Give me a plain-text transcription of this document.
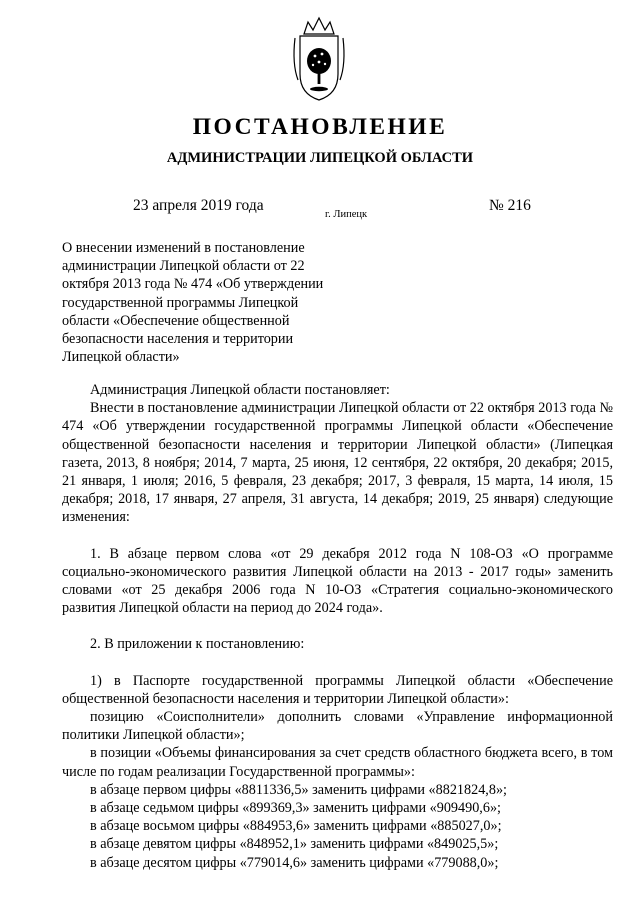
ПОСТАНОВЛЕНИЕ
АДМИНИСТРАЦИИ ЛИПЕЦКОЙ ОБЛАСТИ
23 апреля 2019 года
г. Липецк
№ 216
О внесении изменений в постановление
администрации Липецкой области от 22
октября 2013 года № 474 «Об утверждении
государственной программы Липецкой
области «Обеспечение общественной
безопасности населения и территории
Липецкой области»

Администрация Липецкой области постановляет:

Внести в постановление администрации Липецкой области от 22 октября 2013 года № 474 «Об утверждении государственной программы Липецкой области «Обеспечение общественной безопасности населения и территории Липецкой области» (Липецкая газета, 2013, 8 ноября; 2014, 7 марта, 25 июня, 12 сентября, 22 октября, 20 декабря; 2015, 21 января, 1 июля; 2016, 5 февраля, 23 декабря; 2017, 3 февраля, 15 марта, 14 июля, 15 декабря; 2018, 17 января, 27 апреля, 31 августа, 14 декабря; 2019, 25 января) следующие изменения:

1. В абзаце первом слова «от 29 декабря 2012 года N 108-ОЗ «О программе социально-экономического развития Липецкой области на 2013 - 2017 годы» заменить словами «от 25 декабря 2006 года N 10-ОЗ «Стратегия социально-экономического развития Липецкой области на период до 2024 года».

2. В приложении к постановлению:

1) в Паспорте государственной программы Липецкой области «Обеспечение общественной безопасности населения и территории Липецкой области»:

позицию «Соисполнители» дополнить словами «Управление информационной политики Липецкой области»;

в позиции «Объемы финансирования за счет средств областного бюджета всего, в том числе по годам реализации Государственной программы»:

в абзаце первом цифры «8811336,5» заменить цифрами «8821824,8»;

в абзаце седьмом цифры «899369,3» заменить цифрами «909490,6»;

в абзаце восьмом цифры «884953,6» заменить цифрами «885027,0»;

в абзаце девятом цифры «848952,1» заменить цифрами «849025,5»;

в абзаце десятом цифры «779014,6» заменить цифрами «779088,0»;
